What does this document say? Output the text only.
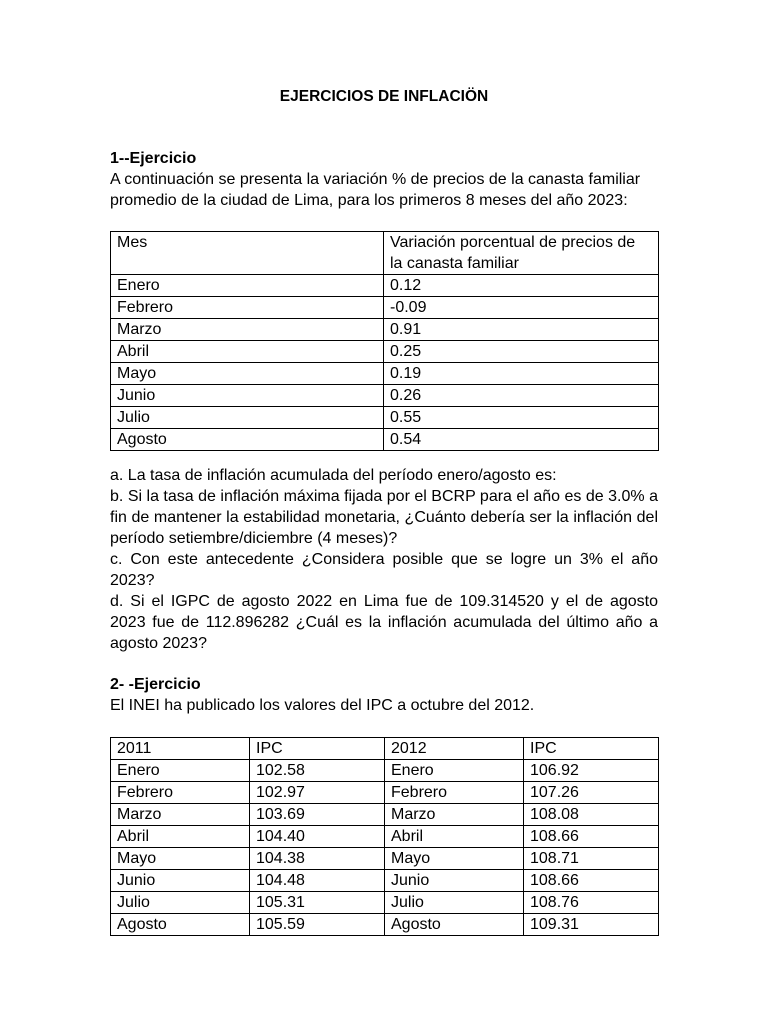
EJERCICIOS DE INFLACIÖN

1--Ejercicio

A continuación se presenta la variación % de precios de la canasta familiar promedio de la ciudad de Lima, para los primeros 8 meses del año 2023:

Mes	Variación porcentual de precios de la canasta familiar
Enero	0.12
Febrero	-0.09
Marzo	0.91
Abril	0.25
Mayo	0.19
Junio	0.26
Julio	0.55
Agosto	0.54

a. La tasa de inflación acumulada del período enero/agosto es:

b. Si la tasa de inflación máxima fijada por el BCRP para el año es de 3.0% a fin de mantener la estabilidad monetaria, ¿Cuánto debería ser la inflación del período setiembre/diciembre (4 meses)?

c. Con este antecedente ¿Considera posible que se logre un 3% el año 2023?

d. Si el IGPC de agosto 2022 en Lima fue de 109.314520 y el de agosto 2023 fue de 112.896282 ¿Cuál es la inflación acumulada del último año a agosto 2023?

2- -Ejercicio

El INEI ha publicado los valores del IPC a octubre del 2012.

2011	IPC	2012	IPC
Enero	102.58	Enero	106.92
Febrero	102.97	Febrero	107.26
Marzo	103.69	Marzo	108.08
Abril	104.40	Abril	108.66
Mayo	104.38	Mayo	108.71
Junio	104.48	Junio	108.66
Julio	105.31	Julio	108.76
Agosto	105.59	Agosto	109.31
